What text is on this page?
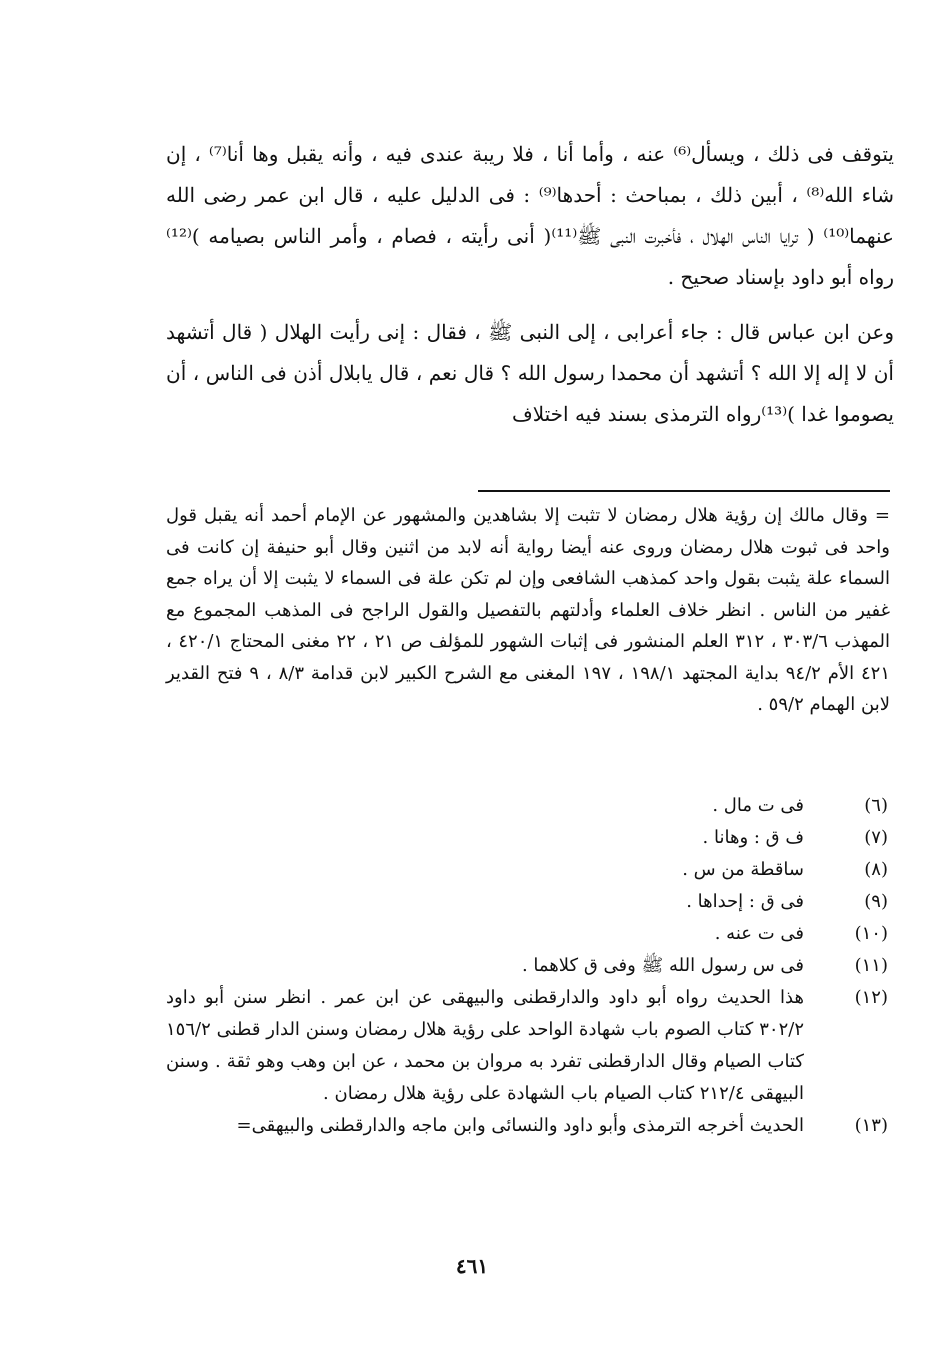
يتوقف فى ذلك ، ويسأل⁽⁶⁾ عنه ، وأما أنا ، فلا ريبة عندى فيه ، وأنه يقبل وها أنا⁽⁷⁾ ، إن شاء الله⁽⁸⁾ ، أبين ذلك ، بمباحث : أحدها⁽⁹⁾ : فى الدليل عليه ، قال ابن عمر رضى الله عنهما⁽¹⁰⁾ ( ترايا الناس الهلال ، فأخبرت النبى ﷺ⁽¹¹⁾( أنى رأيته ، فصام ، وأمر الناس بصيامه )⁽¹²⁾ رواه أبو داود بإسناد صحيح .

وعن ابن عباس قال : جاء أعرابى ، إلى النبى ﷺ ، فقال : إنى رأيت الهلال ( قال أتشهد أن لا إله إلا الله ؟ أتشهد أن محمدا رسول الله ؟ قال نعم ، قال يابلال أذن فى الناس ، أن يصوموا غدا )⁽¹³⁾رواه الترمذى بسند فيه اختلاف

= وقال مالك إن رؤية هلال رمضان لا تثبت إلا بشاهدين والمشهور عن الإمام أحمد أنه يقبل قول واحد فى ثبوت هلال رمضان وروى عنه أيضا رواية أنه لابد من اثنين وقال أبو حنيفة إن كانت فى السماء علة يثبت بقول واحد كمذهب الشافعى وإن لم تكن علة فى السماء لا يثبت إلا أن يراه جمع غفير من الناس . انظر خلاف العلماء وأدلتهم بالتفصيل والقول الراجح فى المذهب المجموع مع المهذب ٣٠٣/٦ ، ٣١٢ العلم المنشور فى إثبات الشهور للمؤلف ص ٢١ ، ٢٢ مغنى المحتاج ٤٢٠/١ ، ٤٢١ الأم ٩٤/٢ بداية المجتهد ١٩٨/١ ، ١٩٧ المغنى مع الشرح الكبير لابن قدامة ٨/٣ ، ٩ فتح القدير لابن الهمام ٥٩/٢ .
(٦)
فى ت مال .
(٧)
ف ق : وهانا .
(٨)
ساقطة من س .
(٩)
فى ق : إحداها .
(١٠)
فى ت عنه .
(١١)
فى س رسول الله ﷺ وفى ق كلاهما .
(١٢)
هذا الحديث رواه أبو داود والدارقطنى والبيهقى عن ابن عمر . انظر سنن أبو داود ٣٠٢/٢ كتاب الصوم باب شهادة الواحد على رؤية هلال رمضان وسنن الدار قطنى ١٥٦/٢ كتاب الصيام وقال الدارقطنى تفرد به مروان بن محمد ، عن ابن وهب وهو ثقة . وسنن البيهقى ٢١٢/٤ كتاب الصيام باب الشهادة على رؤية هلال رمضان .
(١٣)
الحديث أخرجه الترمذى وأبو داود والنسائى وابن ماجه والدارقطنى والبيهقى=
٤٦١
